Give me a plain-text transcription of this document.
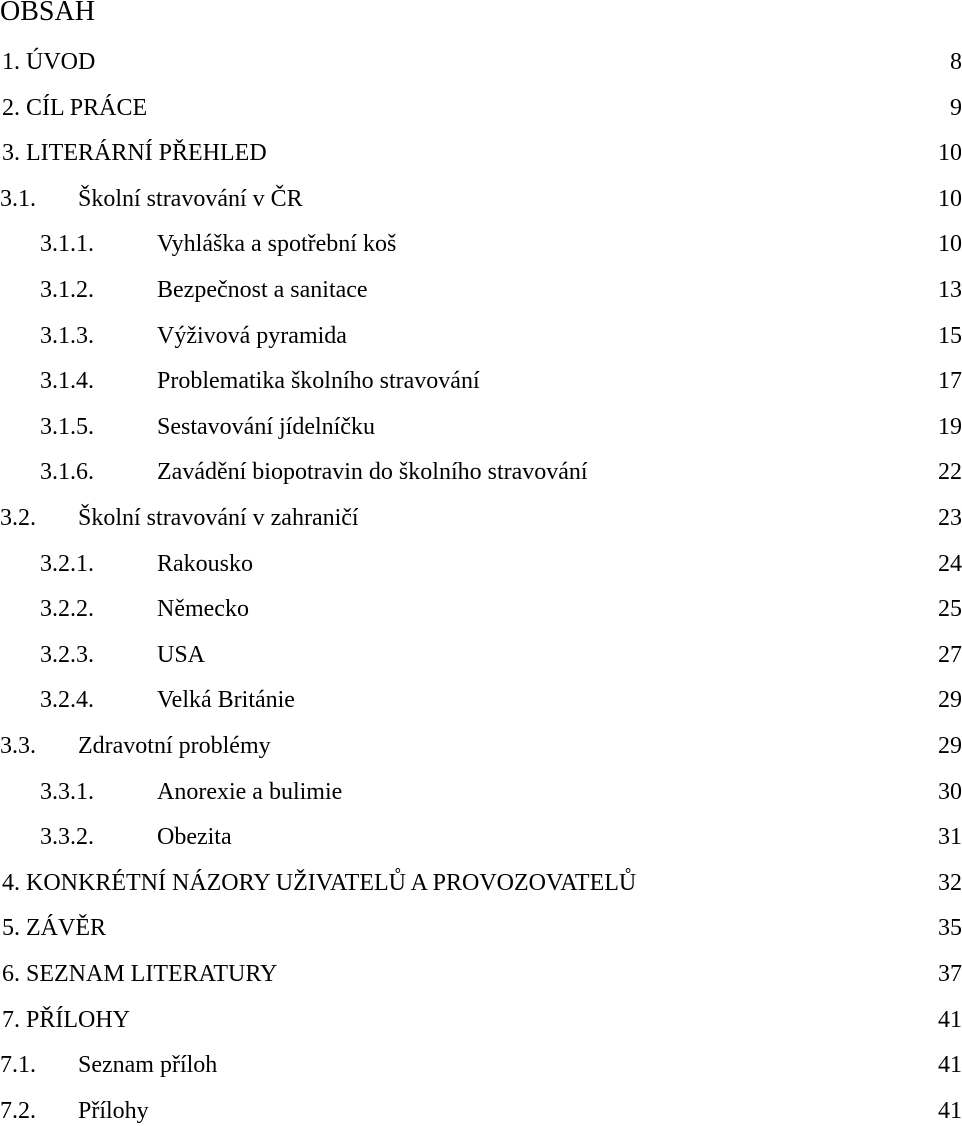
OBSAH
1. ÚVOD	8
2. CÍL PRÁCE	9
3. LITERÁRNÍ PŘEHLED	10
3.1. Školní stravování v ČR	10
3.1.1.	Vyhláška a spotřební koš	10
3.1.2.	Bezpečnost a sanitace	13
3.1.3.	Výživová pyramida	15
3.1.4.	Problematika školního stravování	17
3.1.5.	Sestavování jídelníčku	19
3.1.6.	Zavádění biopotravin do školního stravování	22
3.2. Školní stravování v zahraničí	23
3.2.1.	Rakousko	24
3.2.2.	Německo	25
3.2.3.	USA	27
3.2.4.	Velká Británie	29
3.3. Zdravotní problémy	29
3.3.1.	Anorexie a bulimie	30
3.3.2.	Obezita	31
4. KONKRÉTNÍ NÁZORY UŽIVATELŮ A PROVOZOVATELŮ	32
5. ZÁVĚR	35
6. SEZNAM LITERATURY	37
7. PŘÍLOHY	41
7.1. Seznam příloh	41
7.2. Přílohy	41
